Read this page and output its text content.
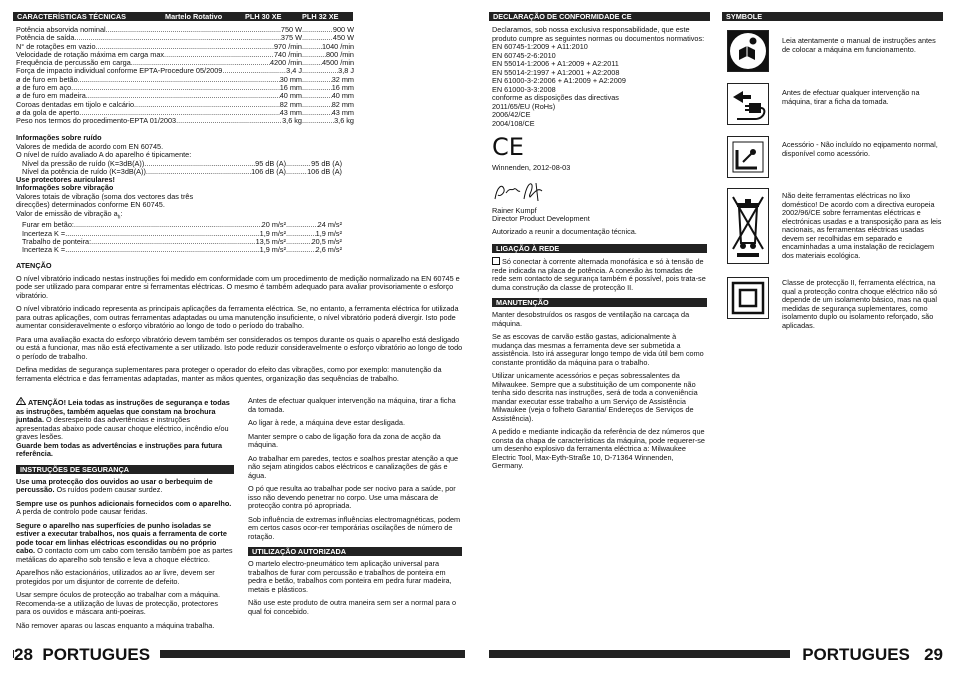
CARACTERÍSTICAS TÉCNICAS	Martelo Rotativo	PLH 30 XE	PLH 32 XE
Potência absorvida nominal .....	750 W .....	900 W
Potência de saída .....	375 W .....	450 W
N° de rotações em vazio .....	970 /min .....	1040 /min
Velocidade de rotação máxima em carga max. .....	740 /min .....	800 /min
Frequência de percussão em carga .....	4200 /min .....	4500 /min
Força de impacto individual conforme EPTA-Procedure 05/2009 .....	3,4 J .....	3,8 J
ø de furo em betão .....	30 mm .....	32 mm
ø de furo em aço .....	16 mm .....	16 mm
ø de furo em madeira .....	40 mm .....	40 mm
Coroas dentadas em tijolo e calcário .....	82 mm .....	82 mm
ø da gola de aperto .....	43 mm .....	43 mm
Peso nos termos do procedimento-EPTA 01/2003 .....	3,6 kg .....	3,6 kg
Informações sobre ruído
Valores de medida de acordo com EN 60745.
O nível de ruído avaliado A do aparelho é tipicamente:
Nível da pressão de ruído (K=3dB(A)) .....	95 dB (A) .....	95 dB (A)
Nível da potência de ruído (K=3dB(A)) .....	106 dB (A) .....	106 dB (A)
Use protectores auriculares!
Informações sobre vibração
Valores totais de vibração (soma dos vectores das três
direcções) determinados conforme EN 60745.
Valor de emissão de vibração $a_h$:
Furar em betão: .....	20 m/s² .....	24 m/s²
Incerteza K = .....	1,9 m/s² .....	1,9 m/s²
Trabalho de ponteira: .....	13,5 m/s² .....	20,5 m/s²
Incerteza K = .....	1,9 m/s² .....	2,6 m/s²
ATENÇÃO

O nível vibratório indicado nestas instruções foi medido em conformidade com um procedimento de medição normalizado na EN 60745 e pode ser utilizado para comparar entre si ferramentas eléctricas. O mesmo é também adequado para avaliar provisoriamente o esforço vibratório.

O nível vibratório indicado representa as principais aplicações da ferramenta eléctrica. Se, no entanto, a ferramenta eléctrica for utilizada para outras aplicações, com outras ferramentas adaptadas ou uma manutenção insuficiente, o nível vibratório poderá divergir. Isto pode aumentar consideravelmente o esforço vibratório ao longo de todo o período do trabalho.

Para uma avaliação exacta do esforço vibratório devem também ser considerados os tempos durante os quais o aparelho está desligado ou está a funcionar, mas não está efectivamente a ser utilizado. Isto pode reduzir consideravelmente o esforço vibratório ao longo de todo o período de trabalho.

Defina medidas de segurança suplementares para proteger o operador do efeito das vibrações, como por exemplo: manutenção da ferramenta eléctrica e das ferramentas adaptadas, manter as mãos quentes, organização das sequências de trabalho.

! ATENÇÃO! Leia todas as instruções de segurança e todas as instruções, também aquelas que constam na brochura juntada. O desrespeito das advertências e instruções apresentadas abaixo pode causar choque eléctrico, incêndio e/ou graves lesões.
Guarde bem todas as advertências e instruções para futura referência.

INSTRUÇÕES DE SEGURANÇA

Use uma protecção dos ouvidos ao usar o berbequim de percussão. Os ruídos podem causar surdez.

Sempre use os punhos adicionais fornecidos com o aparelho. A perda de controlo pode causar feridas.

Segure o aparelho nas superfícies de punho isoladas se estiver a executar trabalhos, nos quais a ferramenta de corte pode tocar em linhas eléctricas escondidas ou no próprio cabo. O contacto com um cabo com tensão também poe as partes metálicas do aparelho sob tensão e leva a choque eléctrico.

Aparelhos não estacionários, utilizados ao ar livre, devem ser protegidos por um disjuntor de corrente de defeito.

Usar sempre óculos de protecção ao trabalhar com a máquina. Recomenda-se a utilização de luvas de protecção, protectores para os ouvidos e máscara anti-poeiras.

Não remover aparas ou lascas enquanto a máquina trabalha.

Antes de efectuar qualquer intervenção na máquina, tirar a ficha da tomada.

Ao ligar à rede, a máquina deve estar desligada.

Manter sempre o cabo de ligação fora da zona de acção da máquina.

Ao trabalhar em paredes, tectos e soalhos prestar atenção a que não sejam atingidos cabos eléctricos e canalizações de gás e água.

O pó que resulta ao trabalhar pode ser nocivo para a saúde, por isso não devendo penetrar no corpo. Use uma máscara de protecção contra pó apropriada.

Sob influência de extremas influências electromagnéticas, podem em certos casos ocor-rer temporárias oscilações de número de rotação.

UTILIZAÇÃO AUTORIZADA

O martelo electro-pneumático tem aplicação universal para trabalhos de furar com percussão e trabalhos de ponteira em pedra e betão, trabalhos com ponteira em pedra furar madeira, metais e plásticos.

Não use este produto de outra maneira sem ser a normal para o qual foi concebido.

28 PORTUGUES
DECLARAÇÃO DE CONFORMIDADE CE

Declaramos, sob nossa exclusiva responsabilidade, que este produto cumpre as seguintes normas ou documentos normativos:

EN 60745-1:2009 + A11:2010
EN 60745-2-6:2010
EN 55014-1:2006 + A1:2009 + A2:2011
EN 55014-2:1997 + A1:2001 + A2:2008
EN 61000-3-2:2006 + A1:2009 + A2:2009
EN 61000-3-3:2008
conforme as disposições das directivas
2011/65/EU (RoHs)
2006/42/CE
2004/108/CE
CE
Winnenden, 2012-08-03
Rainer Kumpf
Director Product Development
Autorizado a reunir a documentação técnica.
LIGAÇÃO À REDE

Só conectar à corrente alternada monofásica e só à tensão de rede indicada na placa de potência. A conexão às tomadas de rede sem contacto de segurança também é possível, pois trata-se duma construção da classe de protecção II.

MANUTENÇÃO

Manter desobstruídos os rasgos de ventilação na carcaça da máquina.

Se as escovas de carvão estão gastas, adicionalmente à mudança das mesmas a ferramenta deve ser submetida a assistência. Isto irá assegurar longo tempo de vida útil bem como constante prontidão da máquina para o trabalho.

Utilizar unicamente acessórios e peças sobressalentes da Milwaukee. Sempre que a substituição de um componente não tenha sido descrita nas instruções, será de toda a conveniência mandar executar esse trabalho a um Serviço de Assistência Milwaukee (veja o folheto Garantia/ Endereços de Serviços de Assistência).

A pedido e mediante indicação da referência de dez números que consta da chapa de características da máquina, pode requerer-se um desenho explosivo da ferramenta eléctrica a: Milwaukee Electric Tool, Max-Eyth-Straße 10, D-71364 Winnenden, Germany.

SYMBOLE
Leia atentamente o manual de instruções antes de colocar a máquina em funcionamento.
Antes de efectuar qualquer intervenção na máquina, tirar a ficha da tomada.
Acessório - Não incluído no eqipamento normal, disponível como acessório.
Não deite ferramentas eléctricas no lixo doméstico! De acordo com a directiva europeia 2002/96/CE sobre ferramentas eléctricas e electrónicas usadas e a transposição para as leis nacionais, as ferramentas eléctricas usadas devem ser recolhidas em separado e encaminhadas a uma instalação de reciclagem dos materiais ecológica.
Classe de protecção II, ferramenta eléctrica, na qual a protecção contra choque eléctrico não só depende de um isolamento básico, mas na qual medidas de segurança suplementares, como isolamento duplo ou isolamento reforçado, são aplicadas.
PORTUGUES 29
